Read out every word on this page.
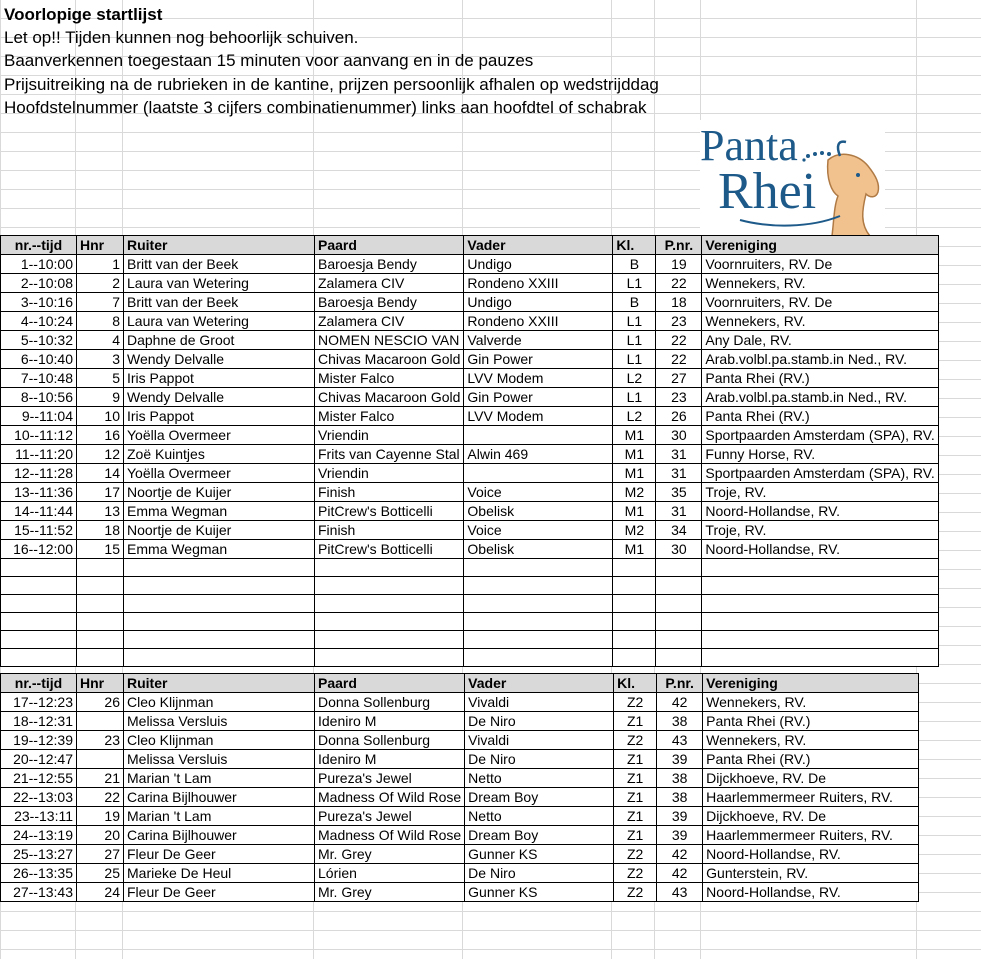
Voorlopige startlijst
Let op!! Tijden kunnen nog behoorlijk schuiven.
Baanverkennen toegestaan 15 minuten voor aanvang en in de pauzes
Prijsuitreiking na de rubrieken in de kantine, prijzen persoonlijk afhalen op wedstrijddag
Hoofdstelnummer (laatste 3 cijfers combinatienummer) links aan hoofdtel of schabrak
Panta
Rhei
nr.--tijd	Hnr	Ruiter	Paard	Vader	Kl.	P.nr.	Vereniging
1--10:00	1	Britt van der Beek	Baroesja Bendy	Undigo	B	19	Voornruiters, RV. De
2--10:08	2	Laura van Wetering	Zalamera CIV	Rondeno XXIII	L1	22	Wennekers, RV.
3--10:16	7	Britt van der Beek	Baroesja Bendy	Undigo	B	18	Voornruiters, RV. De
4--10:24	8	Laura van Wetering	Zalamera CIV	Rondeno XXIII	L1	23	Wennekers, RV.
5--10:32	4	Daphne de Groot	NOMEN NESCIO VAN	Valverde	L1	22	Any Dale, RV.
6--10:40	3	Wendy Delvalle	Chivas Macaroon Gold	Gin Power	L1	22	Arab.volbl.pa.stamb.in Ned., RV.
7--10:48	5	Iris Pappot	Mister Falco	LVV Modem	L2	27	Panta Rhei (RV.)
8--10:56	9	Wendy Delvalle	Chivas Macaroon Gold	Gin Power	L1	23	Arab.volbl.pa.stamb.in Ned., RV.
9--11:04	10	Iris Pappot	Mister Falco	LVV Modem	L2	26	Panta Rhei (RV.)
10--11:12	16	Yoëlla Overmeer	Vriendin		M1	30	Sportpaarden Amsterdam (SPA), RV.
11--11:20	12	Zoë Kuintjes	Frits van Cayenne Stal	Alwin 469	M1	31	Funny Horse, RV.
12--11:28	14	Yoëlla Overmeer	Vriendin		M1	31	Sportpaarden Amsterdam (SPA), RV.
13--11:36	17	Noortje de Kuijer	Finish	Voice	M2	35	Troje, RV.
14--11:44	13	Emma Wegman	PitCrew's Botticelli	Obelisk	M1	31	Noord-Hollandse, RV.
15--11:52	18	Noortje de Kuijer	Finish	Voice	M2	34	Troje, RV.
16--12:00	15	Emma Wegman	PitCrew's Botticelli	Obelisk	M1	30	Noord-Hollandse, RV.

nr.--tijd	Hnr	Ruiter	Paard	Vader	Kl.	P.nr.	Vereniging
17--12:23	26	Cleo Klijnman	Donna Sollenburg	Vivaldi	Z2	42	Wennekers, RV.
18--12:31		Melissa Versluis	Ideniro M	De Niro	Z1	38	Panta Rhei (RV.)
19--12:39	23	Cleo Klijnman	Donna Sollenburg	Vivaldi	Z2	43	Wennekers, RV.
20--12:47		Melissa Versluis	Ideniro M	De Niro	Z1	39	Panta Rhei (RV.)
21--12:55	21	Marian 't Lam	Pureza's Jewel	Netto	Z1	38	Dijckhoeve, RV. De
22--13:03	22	Carina Bijlhouwer	Madness Of Wild Rose	Dream Boy	Z1	38	Haarlemmermeer Ruiters, RV.
23--13:11	19	Marian 't Lam	Pureza's Jewel	Netto	Z1	39	Dijckhoeve, RV. De
24--13:19	20	Carina Bijlhouwer	Madness Of Wild Rose	Dream Boy	Z1	39	Haarlemmermeer Ruiters, RV.
25--13:27	27	Fleur De Geer	Mr. Grey	Gunner KS	Z2	42	Noord-Hollandse, RV.
26--13:35	25	Marieke De Heul	Lórien	De Niro	Z2	42	Gunterstein, RV.
27--13:43	24	Fleur De Geer	Mr. Grey	Gunner KS	Z2	43	Noord-Hollandse, RV.
